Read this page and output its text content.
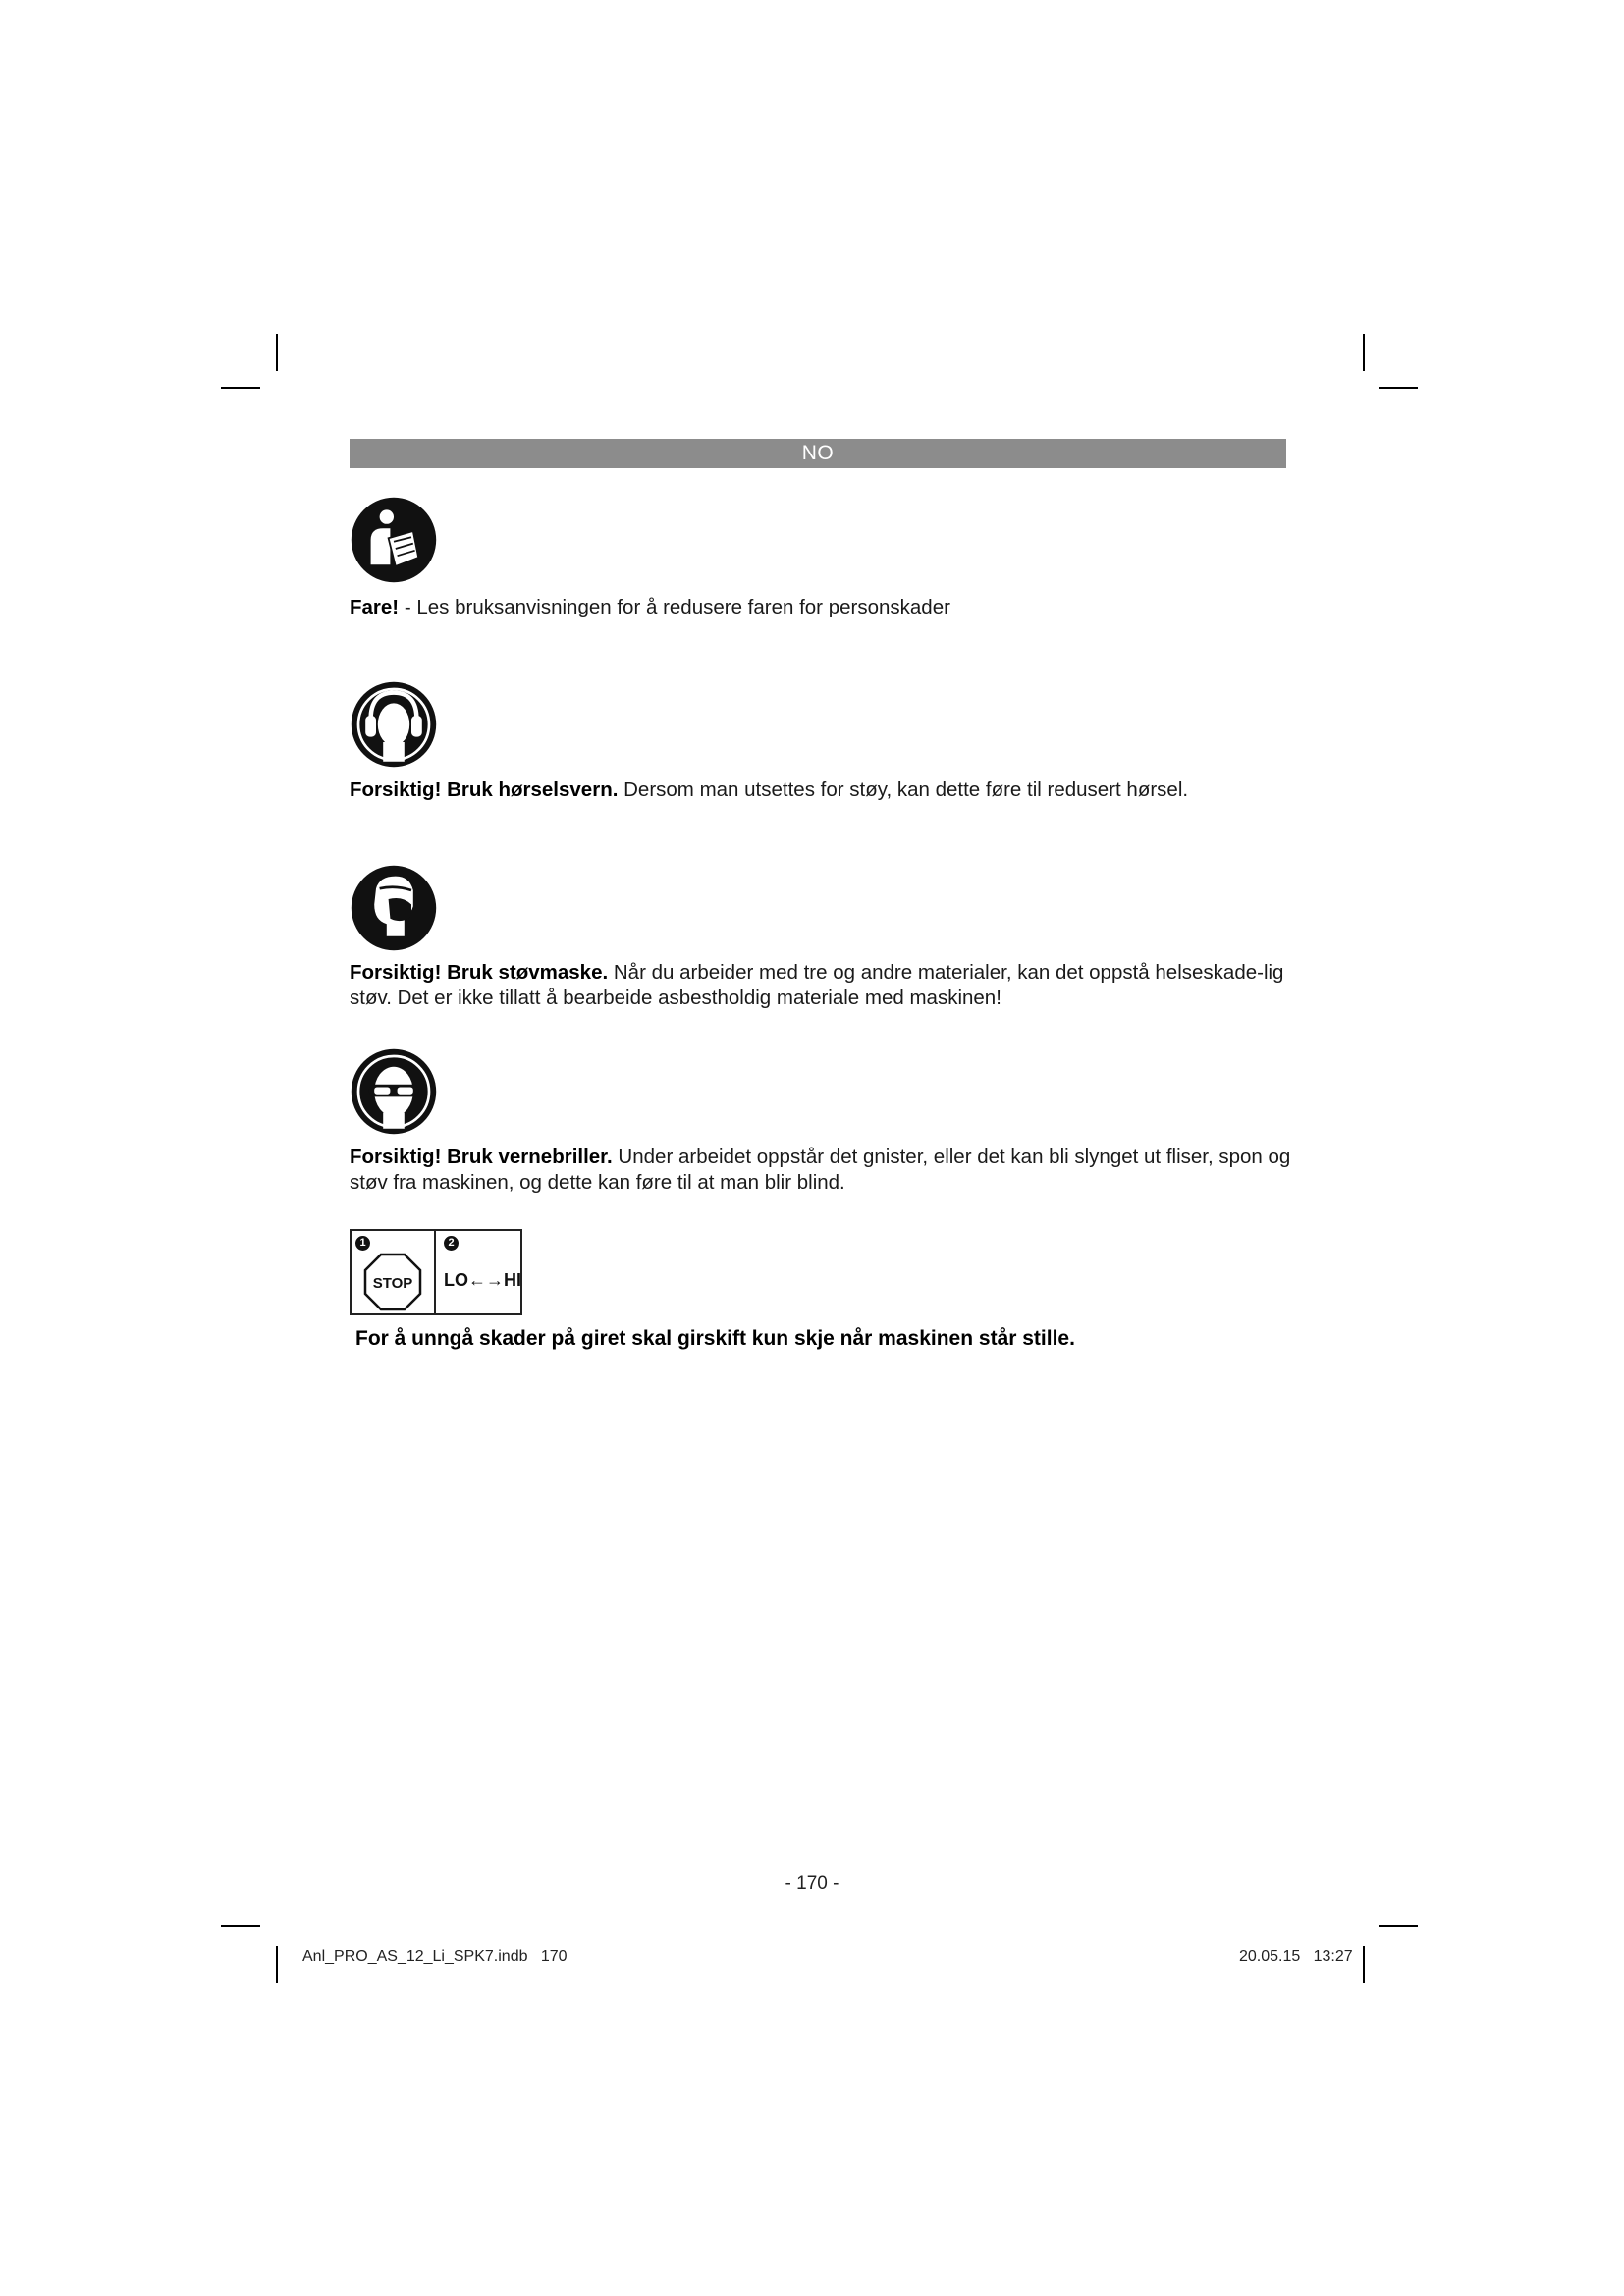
NO
Fare! - Les bruksanvisningen for å redusere faren for personskader
Forsiktig! Bruk hørselsvern. Dersom man utsettes for støy, kan dette føre til redusert hørsel.
Forsiktig! Bruk støvmaske. Når du arbeider med tre og andre materialer, kan det oppstå helseskade-lig støv. Det er ikke tillatt å bearbeide asbestholdig materiale med maskinen!
Forsiktig! Bruk vernebriller. Under arbeidet oppstår det gnister, eller det kan bli slynget ut fliser, spon og støv fra maskinen, og dette kan føre til at man blir blind.
1
STOP
2
LO←→HI
For å unngå skader på giret skal girskift kun skje når maskinen står stille.
- 170 -
Anl_PRO_AS_12_Li_SPK7.indb   170	20.05.15   13:27
